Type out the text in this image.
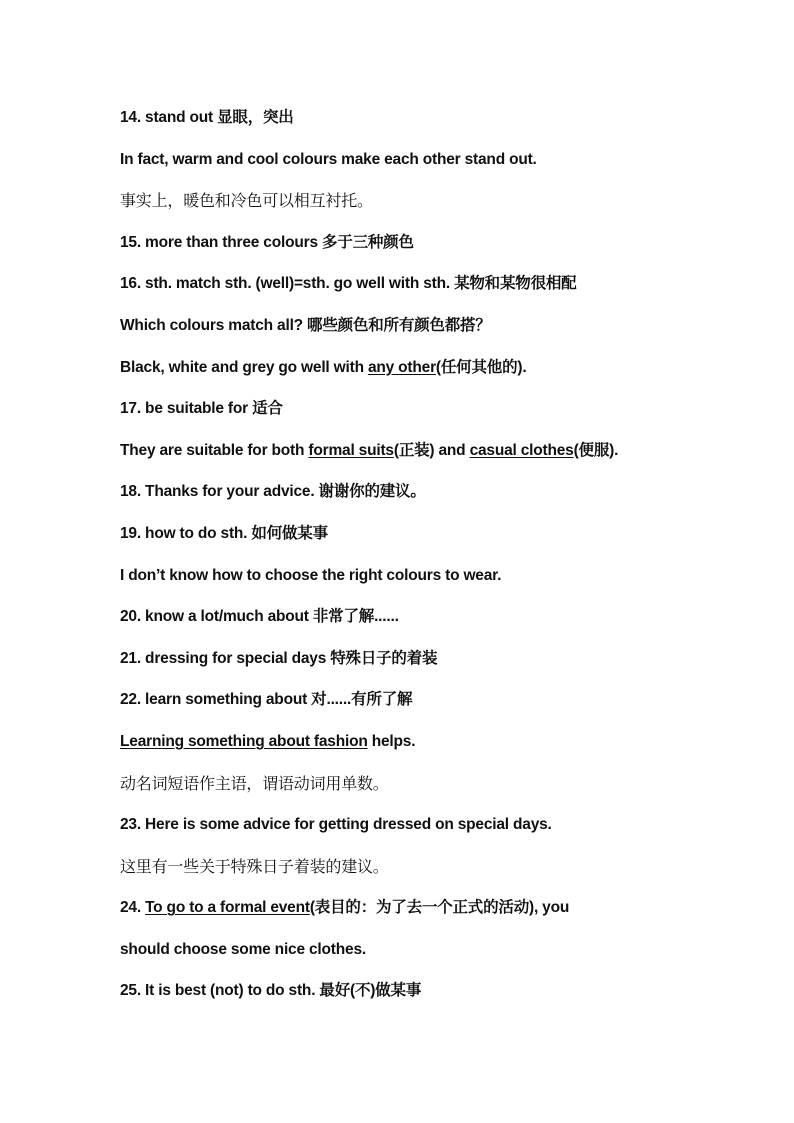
14. stand out 显眼，突出
In fact, warm and cool colours make each other stand out.
事实上，暖色和冷色可以相互衬托。
15. more than three colours 多于三种颜色
16. sth. match sth. (well)=sth. go well with sth. 某物和某物很相配
Which colours match all? 哪些颜色和所有颜色都搭？
Black, white and grey go well with any other(任何其他的).
17. be suitable for 适合
They are suitable for both formal suits(正装) and casual clothes(便服).
18. Thanks for your advice. 谢谢你的建议。
19. how to do sth. 如何做某事
I don’t know how to choose the right colours to wear.
20. know a lot/much about 非常了解......
21. dressing for special days 特殊日子的着装
22. learn something about 对......有所了解
Learning something about fashion helps.
动名词短语作主语，谓语动词用单数。
23. Here is some advice for getting dressed on special days.
这里有一些关于特殊日子着装的建议。
24. To go to a formal event(表目的：为了去一个正式的活动), you
should choose some nice clothes.
25. It is best (not) to do sth. 最好(不)做某事
